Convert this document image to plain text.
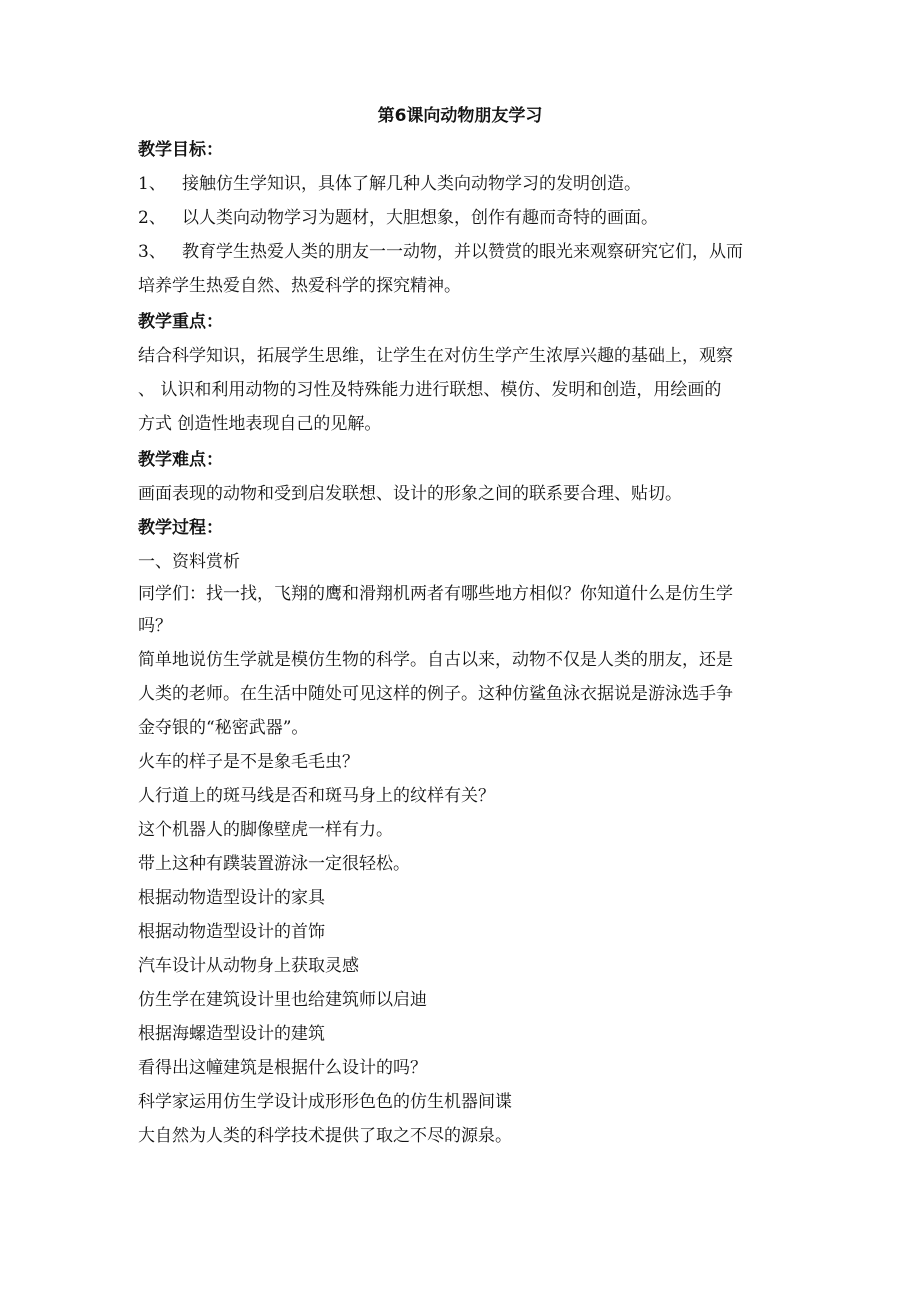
第6课向动物朋友学习
教学目标：
1、 接触仿生学知识，具体了解几种人类向动物学习的发明创造。
2、 以人类向动物学习为题材，大胆想象，创作有趣而奇特的画面。
3、 教育学生热爱人类的朋友一一动物，并以赞赏的眼光来观察研究它们，从而
培养学生热爱自然、热爱科学的探究精神。
教学重点：
结合科学知识，拓展学生思维，让学生在对仿生学产生浓厚兴趣的基础上，观察
、 认识和利用动物的习性及特殊能力进行联想、模仿、发明和创造，用绘画的
方式 创造性地表现自己的见解。
教学难点：
画面表现的动物和受到启发联想、设计的形象之间的联系要合理、贴切。
教学过程：
一、资料赏析
同学们：找一找，飞翔的鹰和滑翔机两者有哪些地方相似？你知道什么是仿生学
吗？
简单地说仿生学就是模仿生物的科学。自古以来，动物不仅是人类的朋友，还是
人类的老师。在生活中随处可见这样的例子。这种仿鲨鱼泳衣据说是游泳选手争
金夺银的“秘密武器”。
火车的样子是不是象毛毛虫？
人行道上的斑马线是否和斑马身上的纹样有关？
这个机器人的脚像壁虎一样有力。
带上这种有蹼装置游泳一定很轻松。
根据动物造型设计的家具
根据动物造型设计的首饰
汽车设计从动物身上获取灵感
仿生学在建筑设计里也给建筑师以启迪
根据海螺造型设计的建筑
看得出这幢建筑是根据什么设计的吗？
科学家运用仿生学设计成形形色色的仿生机器间谍
大自然为人类的科学技术提供了取之不尽的源泉。
